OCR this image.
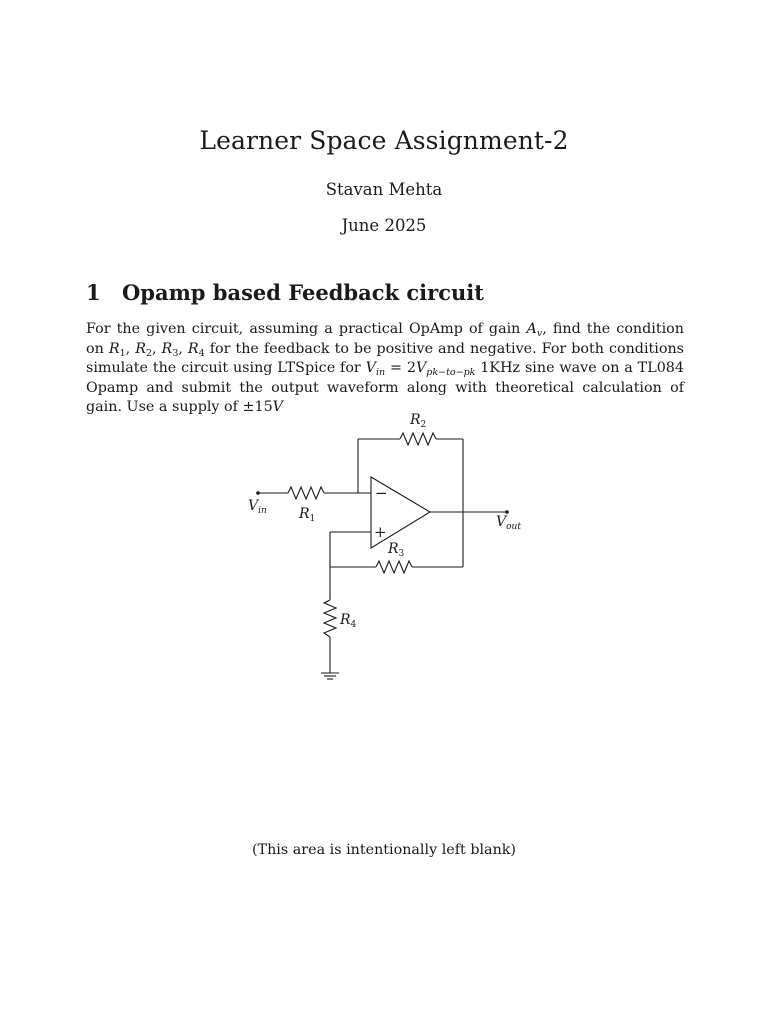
Learner Space Assignment-2
Stavan Mehta
June 2025
1 Opamp based Feedback circuit

For the given circuit, assuming a practical OpAmp of gain $A_v$, find the condition on $R_1$, $R_2$, $R_3$, $R_4$ for the feedback to be positive and negative. For both conditions simulate the circuit using LTSpice for $V_{in} = 2V_{pk-to-pk}$ 1KHz sine wave on a TL084 Opamp and submit the output waveform along with theoretical calculation of gain. Use a supply of ±15V

$V_{in}$ $R_1$
$R_2$
$R_3$
$R_4$
$V_{out}$
−
+
(This area is intentionally left blank)
